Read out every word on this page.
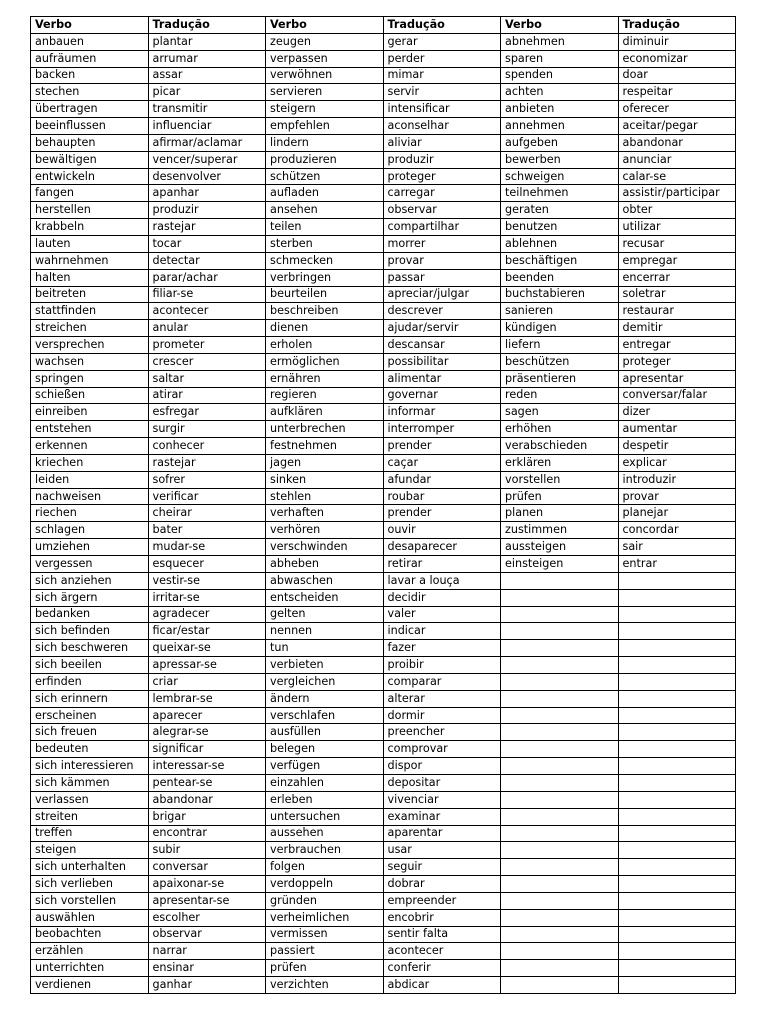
Verbo	Tradução	Verbo	Tradução	Verbo	Tradução
anbauen	plantar	zeugen	gerar	abnehmen	diminuir
aufräumen	arrumar	verpassen	perder	sparen	economizar
backen	assar	verwöhnen	mimar	spenden	doar
stechen	picar	servieren	servir	achten	respeitar
übertragen	transmitir	steigern	intensificar	anbieten	oferecer
beeinflussen	influenciar	empfehlen	aconselhar	annehmen	aceitar/pegar
behaupten	afirmar/aclamar	lindern	aliviar	aufgeben	abandonar
bewältigen	vencer/superar	produzieren	produzir	bewerben	anunciar
entwickeln	desenvolver	schützen	proteger	schweigen	calar-se
fangen	apanhar	aufladen	carregar	teilnehmen	assistir/participar
herstellen	produzir	ansehen	observar	geraten	obter
krabbeln	rastejar	teilen	compartilhar	benutzen	utilizar
lauten	tocar	sterben	morrer	ablehnen	recusar
wahrnehmen	detectar	schmecken	provar	beschäftigen	empregar
halten	parar/achar	verbringen	passar	beenden	encerrar
beitreten	filiar-se	beurteilen	apreciar/julgar	buchstabieren	soletrar
stattfinden	acontecer	beschreiben	descrever	sanieren	restaurar
streichen	anular	dienen	ajudar/servir	kündigen	demitir
versprechen	prometer	erholen	descansar	liefern	entregar
wachsen	crescer	ermöglichen	possibilitar	beschützen	proteger
springen	saltar	ernähren	alimentar	präsentieren	apresentar
schießen	atirar	regieren	governar	reden	conversar/falar
einreiben	esfregar	aufklären	informar	sagen	dizer
entstehen	surgir	unterbrechen	interromper	erhöhen	aumentar
erkennen	conhecer	festnehmen	prender	verabschieden	despetir
kriechen	rastejar	jagen	caçar	erklären	explicar
leiden	sofrer	sinken	afundar	vorstellen	introduzir
nachweisen	verificar	stehlen	roubar	prüfen	provar
riechen	cheirar	verhaften	prender	planen	planejar
schlagen	bater	verhören	ouvir	zustimmen	concordar
umziehen	mudar-se	verschwinden	desaparecer	aussteigen	sair
vergessen	esquecer	abheben	retirar	einsteigen	entrar
sich anziehen	vestir-se	abwaschen	lavar a louça		
sich ärgern	irritar-se	entscheiden	decidir		
bedanken	agradecer	gelten	valer		
sich befinden	ficar/estar	nennen	indicar		
sich beschweren	queixar-se	tun	fazer		
sich beeilen	apressar-se	verbieten	proibir		
erfinden	criar	vergleichen	comparar		
sich erinnern	lembrar-se	ändern	alterar		
erscheinen	aparecer	verschlafen	dormir		
sich freuen	alegrar-se	ausfüllen	preencher		
bedeuten	significar	belegen	comprovar		
sich interessieren	interessar-se	verfügen	dispor		
sich kämmen	pentear-se	einzahlen	depositar		
verlassen	abandonar	erleben	vivenciar		
streiten	brigar	untersuchen	examinar		
treffen	encontrar	aussehen	aparentar		
steigen	subir	verbrauchen	usar		
sich unterhalten	conversar	folgen	seguir		
sich verlieben	apaixonar-se	verdoppeln	dobrar		
sich vorstellen	apresentar-se	gründen	empreender		
auswählen	escolher	verheimlichen	encobrir		
beobachten	observar	vermissen	sentir falta		
erzählen	narrar	passiert	acontecer		
unterrichten	ensinar	prüfen	conferir		
verdienen	ganhar	verzichten	abdicar		
